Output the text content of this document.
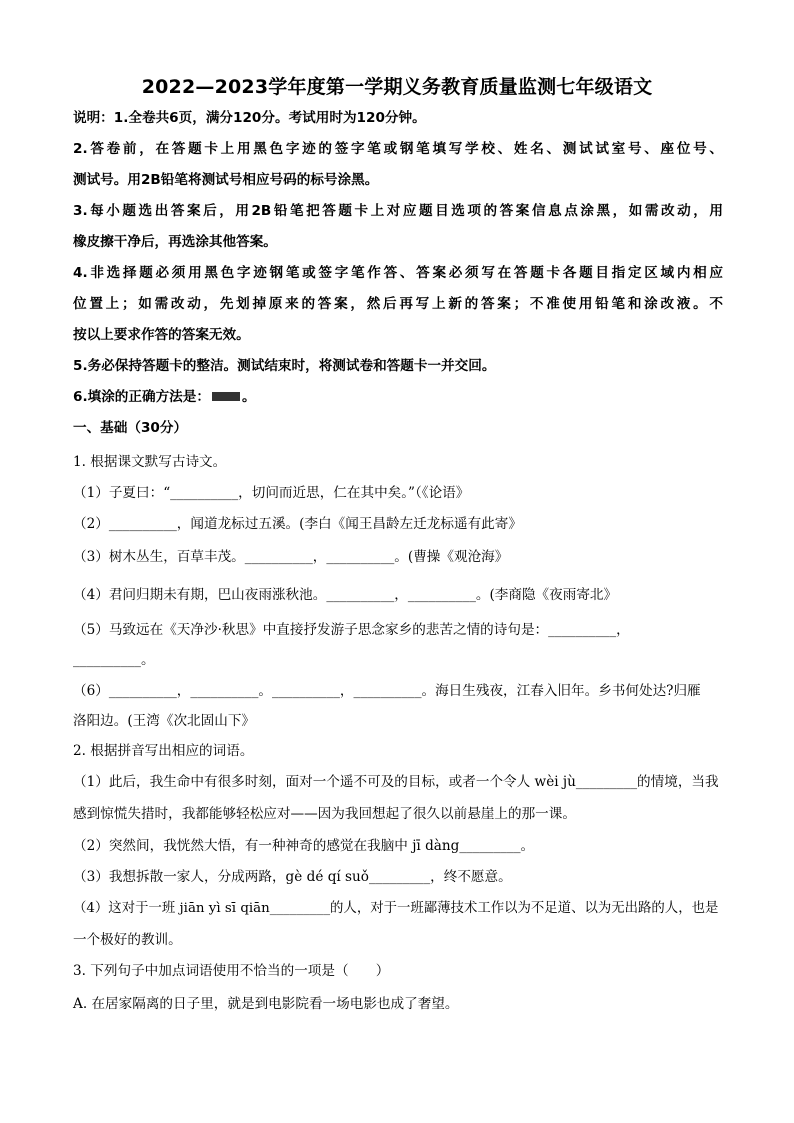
2022—2023学年度第一学期义务教育质量监测七年级语文
说明：1.全卷共6页，满分120分。考试用时为120分钟。
2.答卷前，在答题卡上用黑色字迹的签字笔或钢笔填写学校、姓名、测试试室号、座位号、
测试号。用2B铅笔将测试号相应号码的标号涂黑。
3.每小题选出答案后，用2B铅笔把答题卡上对应题目选项的答案信息点涂黑，如需改动，用
橡皮擦干净后，再选涂其他答案。
4.非选择题必须用黑色字迹钢笔或签字笔作答、答案必须写在答题卡各题目指定区域内相应
位置上；如需改动，先划掉原来的答案，然后再写上新的答案；不准使用铅笔和涂改液。不
按以上要求作答的答案无效。
5.务必保持答题卡的整洁。测试结束时，将测试卷和答题卡一并交回。
6.填涂的正确方法是： 。
一、基础（30分）
1. 根据课文默写古诗文。
（1）子夏曰：“__________，切问而近思，仁在其中矣。”（《论语》
（2）__________，闻道龙标过五溪。(李白《闻王昌龄左迁龙标遥有此寄》
（3）树木丛生，百草丰茂。__________，__________。(曹操《观沧海》
（4）君问归期未有期，巴山夜雨涨秋池。__________，__________。(李商隐《夜雨寄北》
（5）马致远在《天净沙·秋思》中直接抒发游子思念家乡的悲苦之情的诗句是：__________，
__________。
（6）__________，__________。__________，__________。海日生残夜，江春入旧年。乡书何处达?归雁
洛阳边。(王湾《次北固山下》
2. 根据拼音写出相应的词语。
（1）此后，我生命中有很多时刻，面对一个遥不可及的目标，或者一个令人 wèi jù_________的情境，当我
感到惊慌失措时，我都能够轻松应对——因为我回想起了很久以前悬崖上的那一课。
（2）突然间，我恍然大悟，有一种神奇的感觉在我脑中 jī dàng_________。
（3）我想拆散一家人，分成两路，gè dé qí suǒ_________，终不愿意。
（4）这对于一班 jiān yì sī qiān_________的人，对于一班鄙薄技术工作以为不足道、以为无出路的人，也是
一个极好的教训。
3. 下列句子中加点词语使用不恰当的一项是（　　）
A. 在居家隔离的日子里，就是到电影院看一场电影也成了奢望。
